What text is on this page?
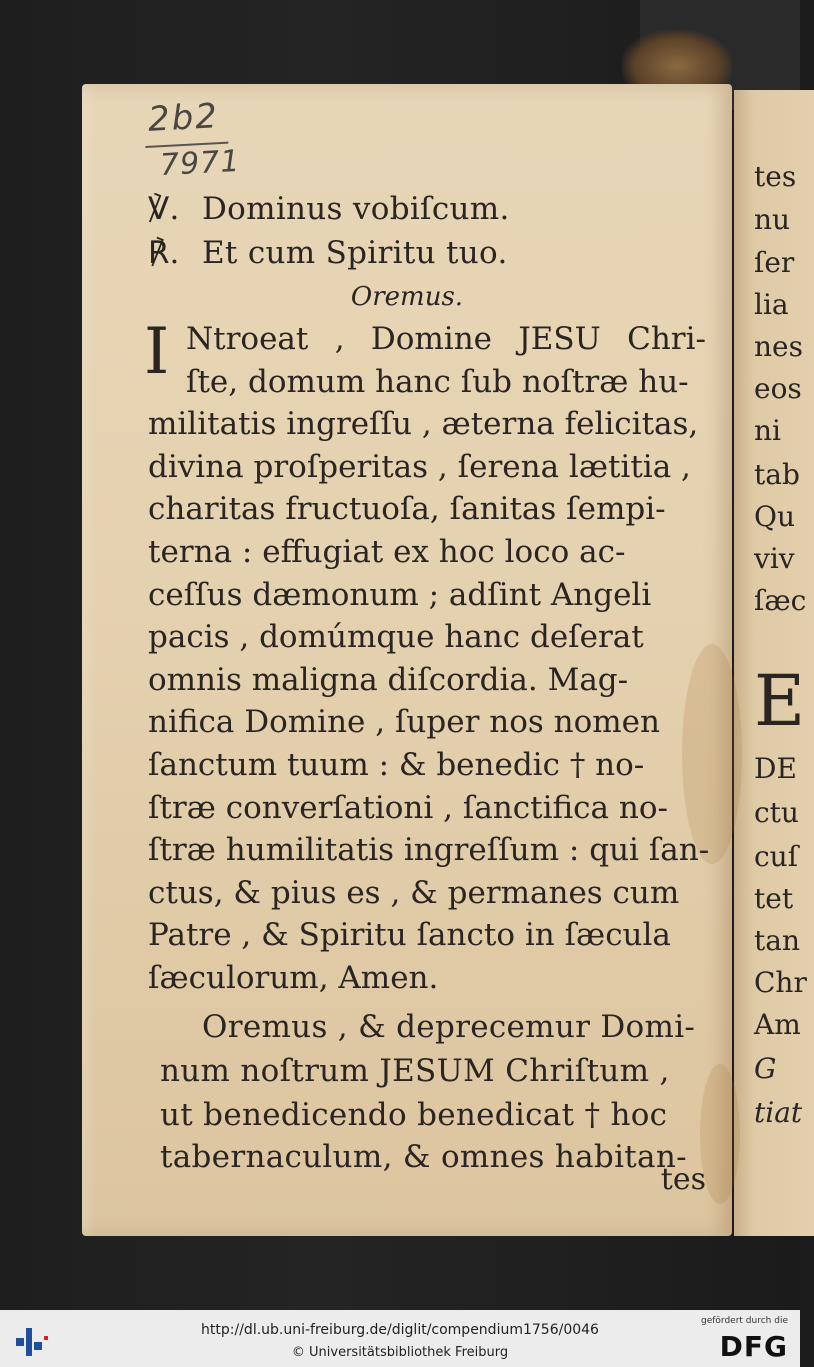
2b2
7971
℣. Dominus vobiſcum.
℟. Et cum Spiritu tuo.
Oremus.
I Ntroeat , Domine JESU Chri-
ſte, domum hanc ſub noſtræ hu-
militatis ingreſſu , æterna felicitas,
divina proſperitas , ſerena lætitia ,
charitas fructuoſa, ſanitas ſempi-
terna : effugiat ex hoc loco ac-
ceſſus dæmonum ; adſint Angeli
pacis , domúmque hanc deſerat
omnis maligna diſcordia. Mag-
nifica Domine , ſuper nos nomen
ſanctum tuum : & benedic † no-
ſtræ converſationi , ſanctifica no-
ſtræ humilitatis ingreſſum : qui ſan-
ctus, & pius es , & permanes cum
Patre , & Spiritu ſancto in ſæcula
ſæculorum, Amen.
Oremus , & deprecemur Domi-
num noſtrum JESUM Chriſtum ,
ut benedicendo benedicat † hoc
tabernaculum, & omnes habitan-
tes
tes
nu
ſer
lia
nes
eos
ni
tab
Qu
viv
ſæc
E
DE
ctu
cuſ
tet
tan
Chr
Am
G
tiat
http://dl.ub.uni-freiburg.de/diglit/compendium1756/0046
© Universitätsbibliothek Freiburg
gefördert durch die
DFG
